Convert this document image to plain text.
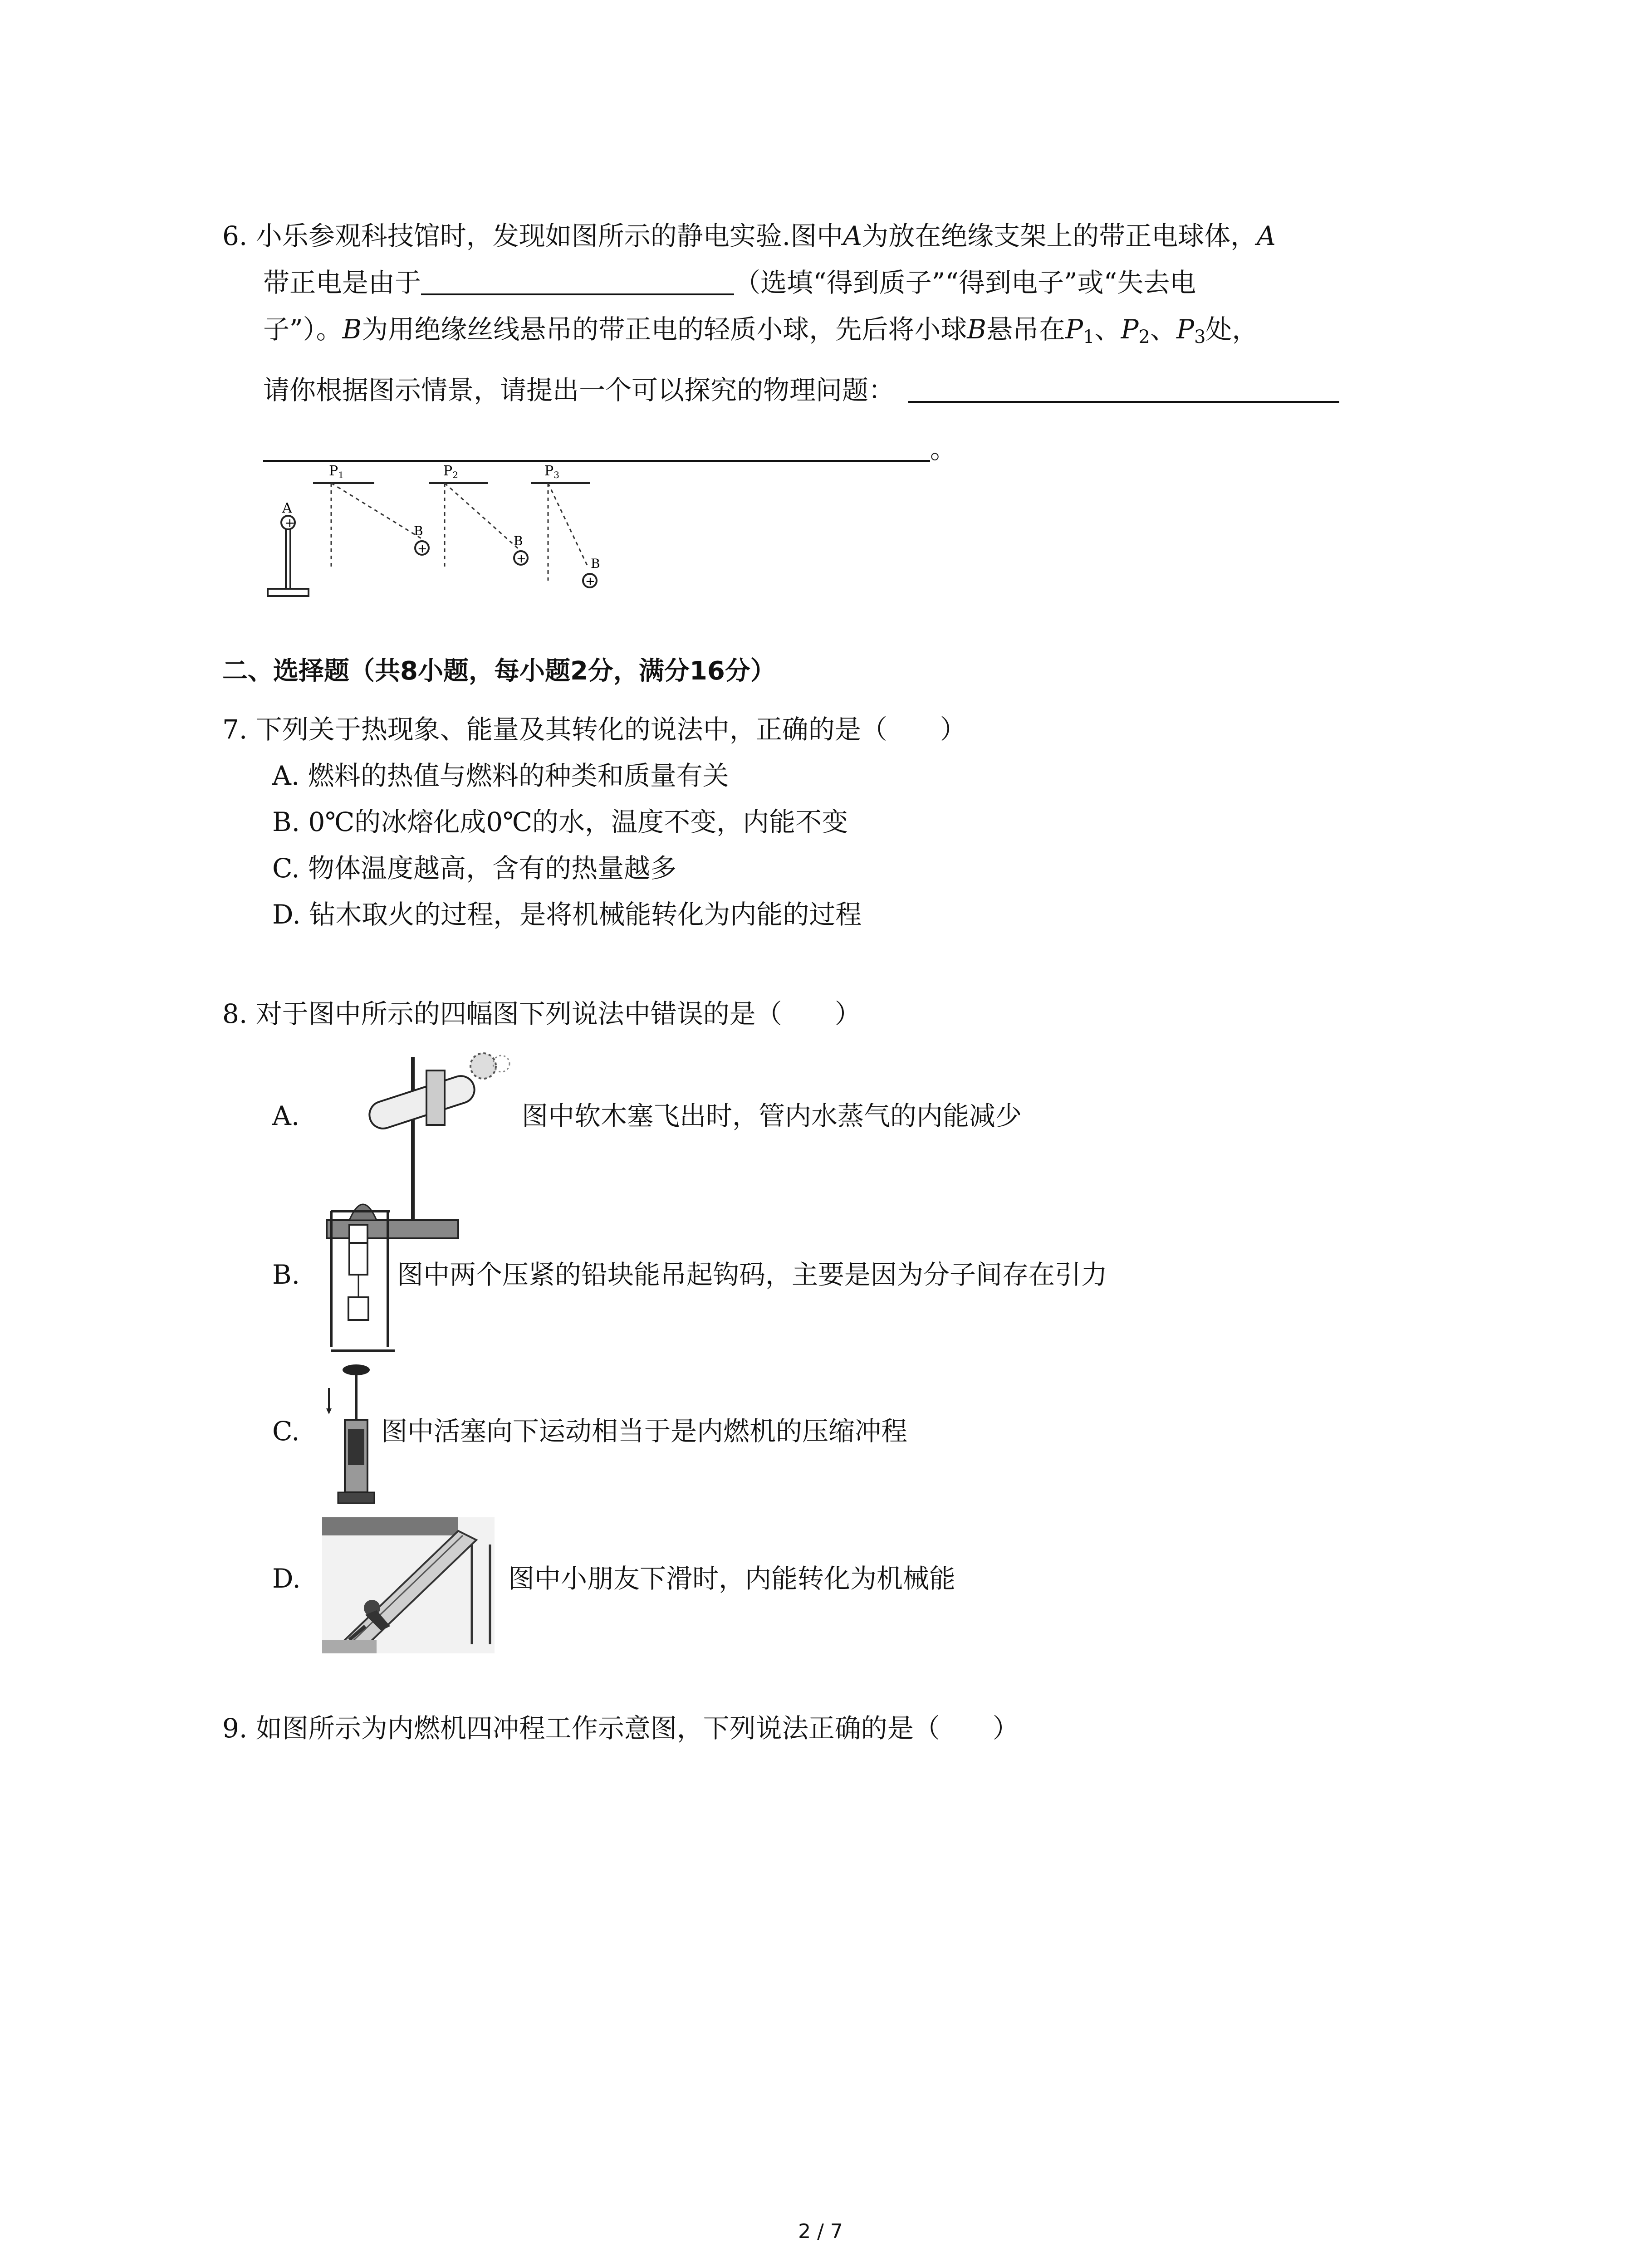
6. 小乐参观科技馆时，发现如图所示的静电实验.图中A为放在绝缘支架上的带正电球体，A
带正电是由于	（选填“得到质子”“得到电子”或“失去电
子”）。B为用绝缘丝线悬吊的带正电的轻质小球，先后将小球B悬吊在$P_1$、$P_2$、$P_3$处，
请你根据图示情景，请提出一个可以探究的物理问题：
。
+
A
$P_1$
+
B
$P_2$
+
B
$P_3$
+
B
二、选择题（共8小题，每小题2分，满分16分）
7. 下列关于热现象、能量及其转化的说法中，正确的是（　　）
A. 燃料的热值与燃料的种类和质量有关
B. 0℃的冰熔化成0℃的水，温度不变，内能不变
C. 物体温度越高，含有的热量越多
D. 钻木取火的过程，是将机械能转化为内能的过程
8. 对于图中所示的四幅图下列说法中错误的是（　　）
A.	图中软木塞飞出时，管内水蒸气的内能减少
B.	图中两个压紧的铅块能吊起钩码，主要是因为分子间存在引力
C.	图中活塞向下运动相当于是内燃机的压缩冲程
D.	图中小朋友下滑时，内能转化为机械能
9. 如图所示为内燃机四冲程工作示意图，下列说法正确的是（　　）
2 / 7
